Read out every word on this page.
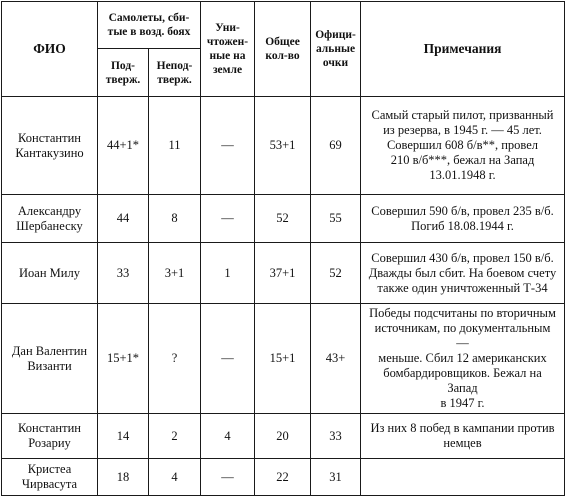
ФИО	Самолеты, сби-
тые в возд. боях		Уни-
чтожен-
ные на
земле	Общее
кол-во	Офици-
альные
очки	Примечания
	Под-
тверж.	Непод-
тверж.				
Константин
Кантакузино	44+1*	11	—	53+1	69	Самый старый пилот, призванный
из резерва, в 1945 г. — 45 лет.
Совершил 608 б/в**, провел
210 в/б***, бежал на Запад
13.01.1948 г.
Александру
Шербанеску	44	8	—	52	55	Совершил 590 б/в, провел 235 в/б.
Погиб 18.08.1944 г.
Иоан Милу	33	3+1	1	37+1	52	Совершил 430 б/в, провел 150 в/б.
Дважды был сбит. На боевом счету
также один уничтоженный Т-34
Дан Валентин
Византи	15+1*	?	—	15+1	43+	Победы подсчитаны по вторичным
источникам, по документальным —
меньше. Сбил 12 американских
бомбардировщиков. Бежал на Запад
в 1947 г.
Константин
Розариу	14	2	4	20	33	Из них 8 побед в кампании против
немцев
Кристеа
Чирвасута	18	4	—	22	31	
